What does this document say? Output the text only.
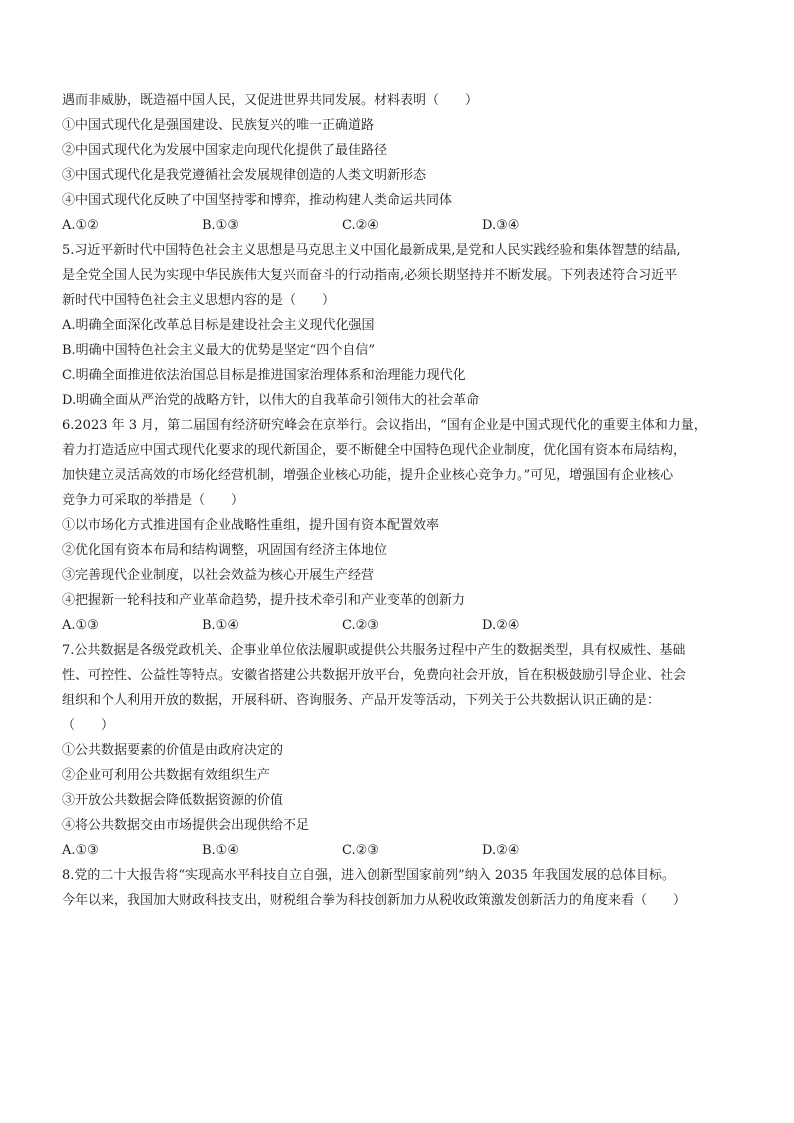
遇而非威胁，既造福中国人民，又促进世界共同发展。材料表明（　　）
①中国式现代化是强国建设、民族复兴的唯一正确道路
②中国式现代化为发展中国家走向现代化提供了最佳路径
③中国式现代化是我党遵循社会发展规律创造的人类文明新形态
④中国式现代化反映了中国坚持零和博弈，推动构建人类命运共同体
A.①②	B.①③	C.②④	D.③④
5.习近平新时代中国特色社会主义思想是马克思主义中国化最新成果,是党和人民实践经验和集体智慧的结晶,
是全党全国人民为实现中华民族伟大复兴而奋斗的行动指南,必须长期坚持并不断发展。下列表述符合习近平
新时代中国特色社会主义思想内容的是（　　）
A.明确全面深化改革总目标是建设社会主义现代化强国
B.明确中国特色社会主义最大的优势是坚定“四个自信”
C.明确全面推进依法治国总目标是推进国家治理体系和治理能力现代化
D.明确全面从严治党的战略方针，以伟大的自我革命引领伟大的社会革命
6.2023 年 3 月，第二届国有经济研究峰会在京举行。会议指出，“国有企业是中国式现代化的重要主体和力量，
着力打造适应中国式现代化要求的现代新国企，要不断健全中国特色现代企业制度，优化国有资本布局结构，
加快建立灵活高效的市场化经营机制，增强企业核心功能，提升企业核心竞争力。”可见，增强国有企业核心
竞争力可采取的举措是（　　）
①以市场化方式推进国有企业战略性重组，提升国有资本配置效率
②优化国有资本布局和结构调整，巩固国有经济主体地位
③完善现代企业制度，以社会效益为核心开展生产经营
④把握新一轮科技和产业革命趋势，提升技术牵引和产业变革的创新力
A.①③	B.①④	C.②③	D.②④
7.公共数据是各级党政机关、企事业单位依法履职或提供公共服务过程中产生的数据类型，具有权威性、基础
性、可控性、公益性等特点。安徽省搭建公共数据开放平台，免费向社会开放，旨在积极鼓励引导企业、社会
组织和个人利用开放的数据，开展科研、咨询服务、产品开发等活动，下列关于公共数据认识正确的是：
（　　）
①公共数据要素的价值是由政府决定的
②企业可利用公共数据有效组织生产
③开放公共数据会降低数据资源的价值
④将公共数据交由市场提供会出现供给不足
A.①③	B.①④	C.②③	D.②④
8.党的二十大报告将“实现高水平科技自立自强，进入创新型国家前列”纳入 2035 年我国发展的总体目标。
今年以来，我国加大财政科技支出，财税组合拳为科技创新加力从税收政策激发创新活力的角度来看（　　）
